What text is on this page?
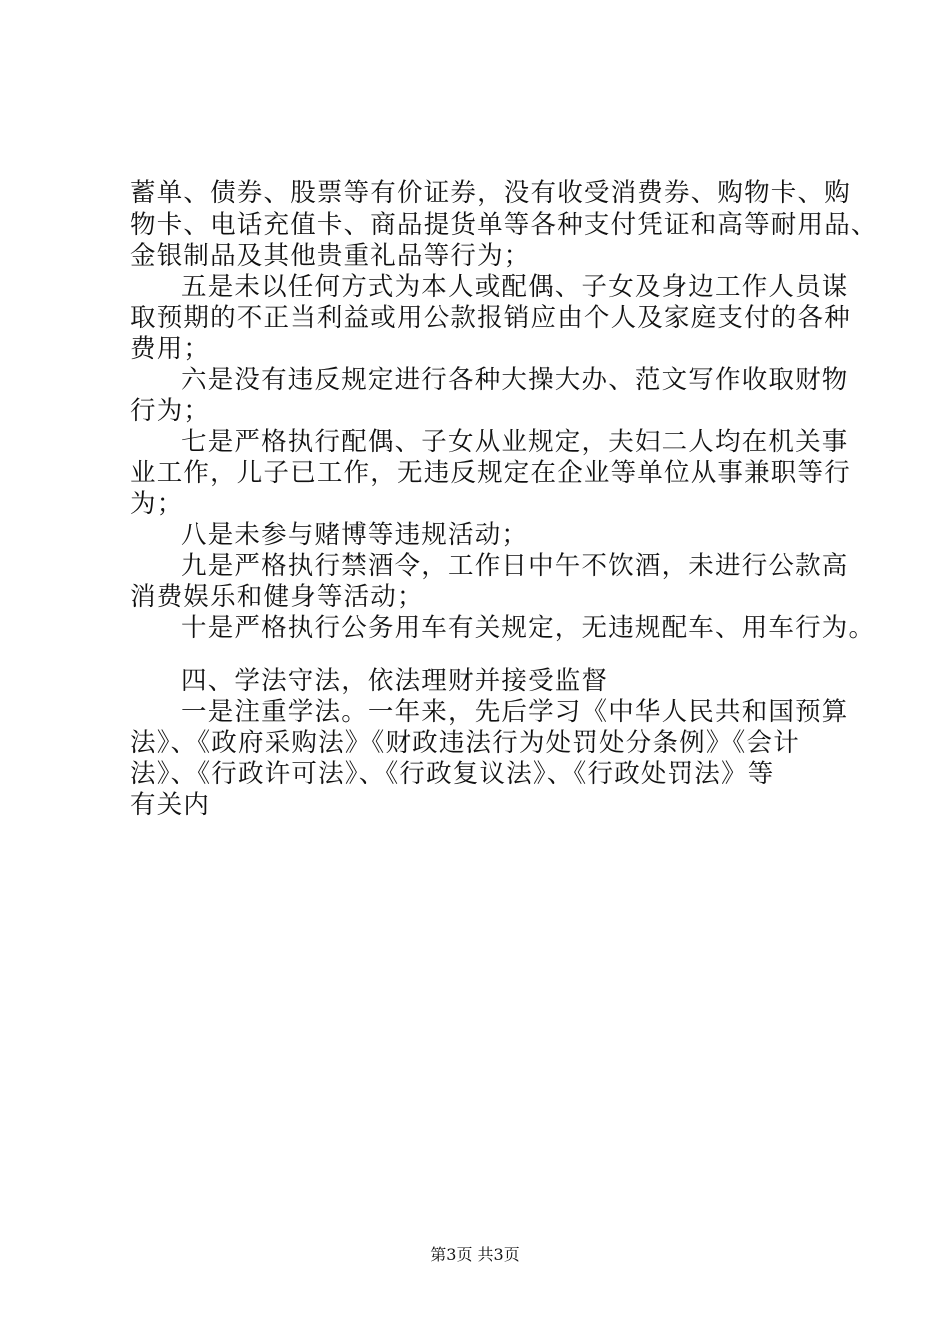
蓄单、债券、股票等有价证券，没有收受消费券、购物卡、购
物卡、电话充值卡、商品提货单等各种支付凭证和高等耐用品、
金银制品及其他贵重礼品等行为；
五是未以任何方式为本人或配偶、子女及身边工作人员谋
取预期的不正当利益或用公款报销应由个人及家庭支付的各种
费用；
六是没有违反规定进行各种大操大办、范文写作收取财物
行为；
七是严格执行配偶、子女从业规定，夫妇二人均在机关事
业工作，儿子已工作，无违反规定在企业等单位从事兼职等行
为；
八是未参与赌博等违规活动；
九是严格执行禁酒令，工作日中午不饮酒，未进行公款高
消费娱乐和健身等活动；
十是严格执行公务用车有关规定，无违规配车、用车行为。
四、学法守法，依法理财并接受监督
一是注重学法。一年来，先后学习《中华人民共和国预算
法》、《政府采购法》《财政违法行为处罚处分条例》《会计
法》、《行政许可法》、《行政复议法》、《行政处罚法》等
有关内
第3页 共3页
